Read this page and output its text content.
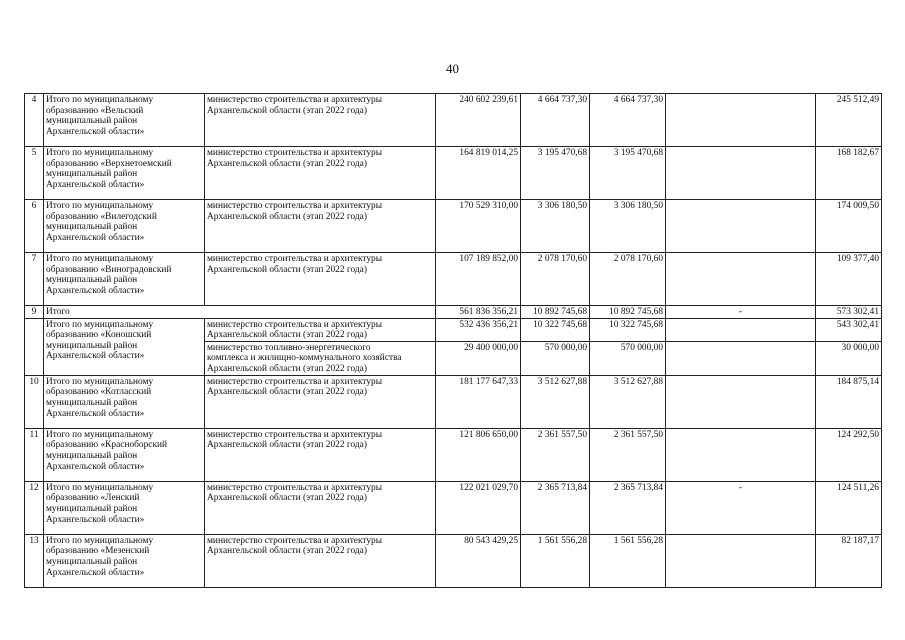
40
4	Итого по муниципальному
образованию «Вельский
муниципальный район
Архангельской области»	министерство строительства и архитектуры
Архангельской области (этап 2022 года)	240 602 239,61	4 664 737,30	4 664 737,30		245 512,49
5	Итого по муниципальному
образованию «Верхнетоемский
муниципальный район
Архангельской области»	министерство строительства и архитектуры
Архангельской области (этап 2022 года)	164 819 014,25	3 195 470,68	3 195 470,68		168 182,67
6	Итого по муниципальному
образованию «Вилегодский
муниципальный район
Архангельской области»	министерство строительства и архитектуры
Архангельской области (этап 2022 года)	170 529 310,00	3 306 180,50	3 306 180,50		174 009,50
7	Итого по муниципальному
образованию «Виноградовский
муниципальный район
Архангельской области»	министерство строительства и архитектуры
Архангельской области (этап 2022 года)	107 189 852,00	2 078 170,60	2 078 170,60		109 377,40
9	Итого		561 836 356,21	10 892 745,68	10 892 745,68	-	573 302,41
	Итого по муниципальному
образованию «Коношский
муниципальный район
Архангельской области»	министерство строительства и архитектуры
Архангельской области (этап 2022 года)	532 436 356,21	10 322 745,68	10 322 745,68		543 302,41
		министерство топливно-энергетического
комплекса и жилищно-коммунального хозяйства
Архангельской области (этап 2022 года)	29 400 000,00	570 000,00	570 000,00		30 000,00
10	Итого по муниципальному
образованию «Котласский
муниципальный район
Архангельской области»	министерство строительства и архитектуры
Архангельской области (этап 2022 года)	181 177 647,33	3 512 627,88	3 512 627,88		184 875,14
11	Итого по муниципальному
образованию «Красноборский
муниципальный район
Архангельской области»	министерство строительства и архитектуры
Архангельской области (этап 2022 года)	121 806 650,00	2 361 557,50	2 361 557,50		124 292,50
12	Итого по муниципальному
образованию «Ленский
муниципальный район
Архангельской области»	министерство строительства и архитектуры
Архангельской области (этап 2022 года)	122 021 029,70	2 365 713,84	2 365 713,84	-	124 511,26
13	Итого по муниципальному
образованию «Мезенский
муниципальный район
Архангельской области»	министерство строительства и архитектуры
Архангельской области (этап 2022 года)	80 543 429,25	1 561 556,28	1 561 556,28		82 187,17
